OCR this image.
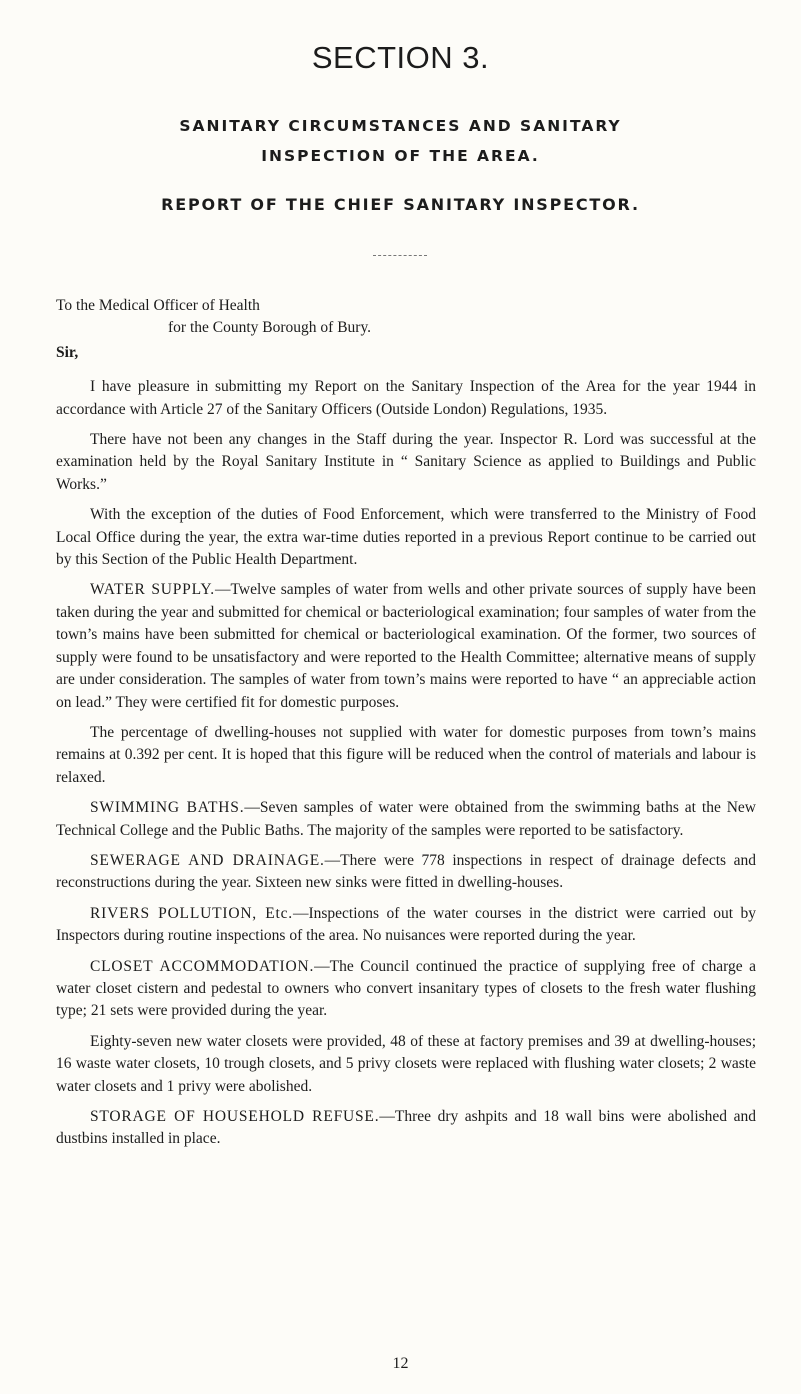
SECTION 3.
SANITARY CIRCUMSTANCES AND SANITARY
INSPECTION OF THE AREA.
REPORT OF THE CHIEF SANITARY INSPECTOR.

To the Medical Officer of Health

for the County Borough of Bury.

Sir,

I have pleasure in submitting my Report on the Sanitary Inspection of the Area for the year 1944 in accordance with Article 27 of the Sanitary Officers (Outside London) Regulations, 1935.

There have not been any changes in the Staff during the year. Inspector R. Lord was successful at the examination held by the Royal Sanitary Institute in “ Sanitary Science as applied to Buildings and Public Works.”

With the exception of the duties of Food Enforcement, which were transferred to the Ministry of Food Local Office during the year, the extra war-time duties reported in a previous Report continue to be carried out by this Section of the Public Health Department.

WATER SUPPLY.—Twelve samples of water from wells and other private sources of supply have been taken during the year and submitted for chemical or bacteriological examination; four samples of water from the town’s mains have been submitted for chemical or bacteriological examination. Of the former, two sources of supply were found to be unsatisfactory and were reported to the Health Committee; alternative means of supply are under consideration. The samples of water from town’s mains were reported to have “ an appreciable action on lead.” They were certified fit for domestic purposes.

The percentage of dwelling-houses not supplied with water for domestic purposes from town’s mains remains at 0.392 per cent. It is hoped that this figure will be reduced when the control of materials and labour is relaxed.

SWIMMING BATHS.—Seven samples of water were obtained from the swimming baths at the New Technical College and the Public Baths. The majority of the samples were reported to be satisfactory.

SEWERAGE AND DRAINAGE.—There were 778 inspections in respect of drainage defects and reconstructions during the year. Sixteen new sinks were fitted in dwelling-houses.

RIVERS POLLUTION, Etc.—Inspections of the water courses in the district were carried out by Inspectors during routine inspections of the area. No nuisances were reported during the year.

CLOSET ACCOMMODATION.—The Council continued the practice of supplying free of charge a water closet cistern and pedestal to owners who convert insanitary types of closets to the fresh water flushing type; 21 sets were provided during the year.

Eighty-seven new water closets were provided, 48 of these at factory premises and 39 at dwelling-houses; 16 waste water closets, 10 trough closets, and 5 privy closets were replaced with flushing water closets; 2 waste water closets and 1 privy were abolished.

STORAGE OF HOUSEHOLD REFUSE.—Three dry ashpits and 18 wall bins were abolished and dustbins installed in place.

12
